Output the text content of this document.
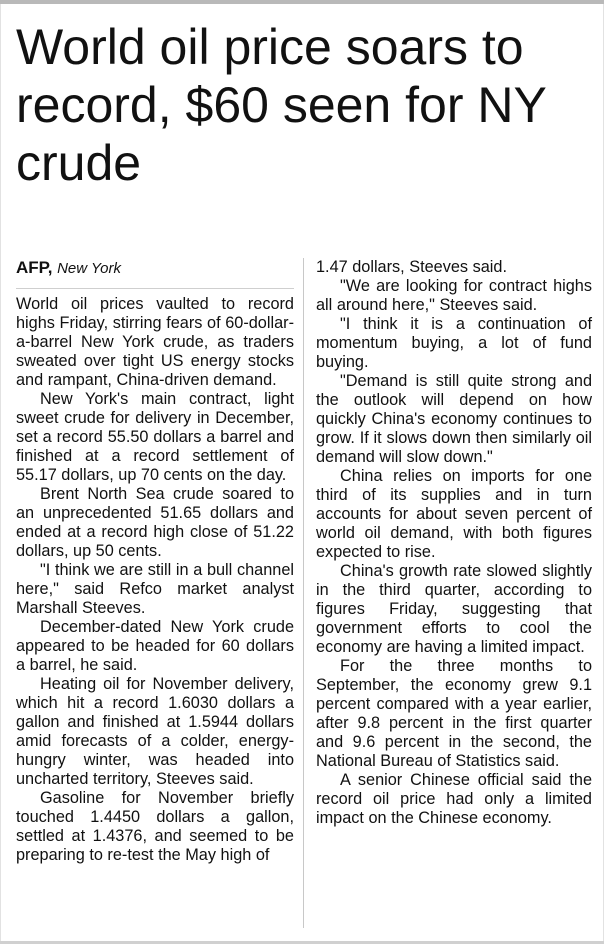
World oil price soars to record, $60 seen for NY crude
AFP, New York

World oil prices vaulted to record highs Friday, stirring fears of 60-dollar-a-barrel New York crude, as traders sweated over tight US energy stocks and rampant, China-driven demand.

New York's main contract, light sweet crude for delivery in December, set a record 55.50 dollars a barrel and finished at a record settlement of 55.17 dollars, up 70 cents on the day.

Brent North Sea crude soared to an unprecedented 51.65 dollars and ended at a record high close of 51.22 dollars, up 50 cents.

"I think we are still in a bull channel here," said Refco market analyst Marshall Steeves.

December-dated New York crude appeared to be headed for 60 dollars a barrel, he said.

Heating oil for November delivery, which hit a record 1.6030 dollars a gallon and finished at 1.5944 dollars amid forecasts of a colder, energy-hungry winter, was headed into uncharted territory, Steeves said.

Gasoline for November briefly touched 1.4450 dollars a gallon, settled at 1.4376, and seemed to be preparing to re-test the May high of

1.47 dollars, Steeves said.

"We are looking for contract highs all around here," Steeves said.

"I think it is a continuation of momentum buying, a lot of fund buying.

"Demand is still quite strong and the outlook will depend on how quickly China's economy continues to grow. If it slows down then similarly oil demand will slow down."

China relies on imports for one third of its supplies and in turn accounts for about seven percent of world oil demand, with both figures expected to rise.

China's growth rate slowed slightly in the third quarter, according to figures Friday, suggesting that government efforts to cool the economy are having a limited impact.

For the three months to September, the economy grew 9.1 percent compared with a year earlier, after 9.8 percent in the first quarter and 9.6 percent in the second, the National Bureau of Statistics said.

A senior Chinese official said the record oil price had only a limited impact on the Chinese economy.
